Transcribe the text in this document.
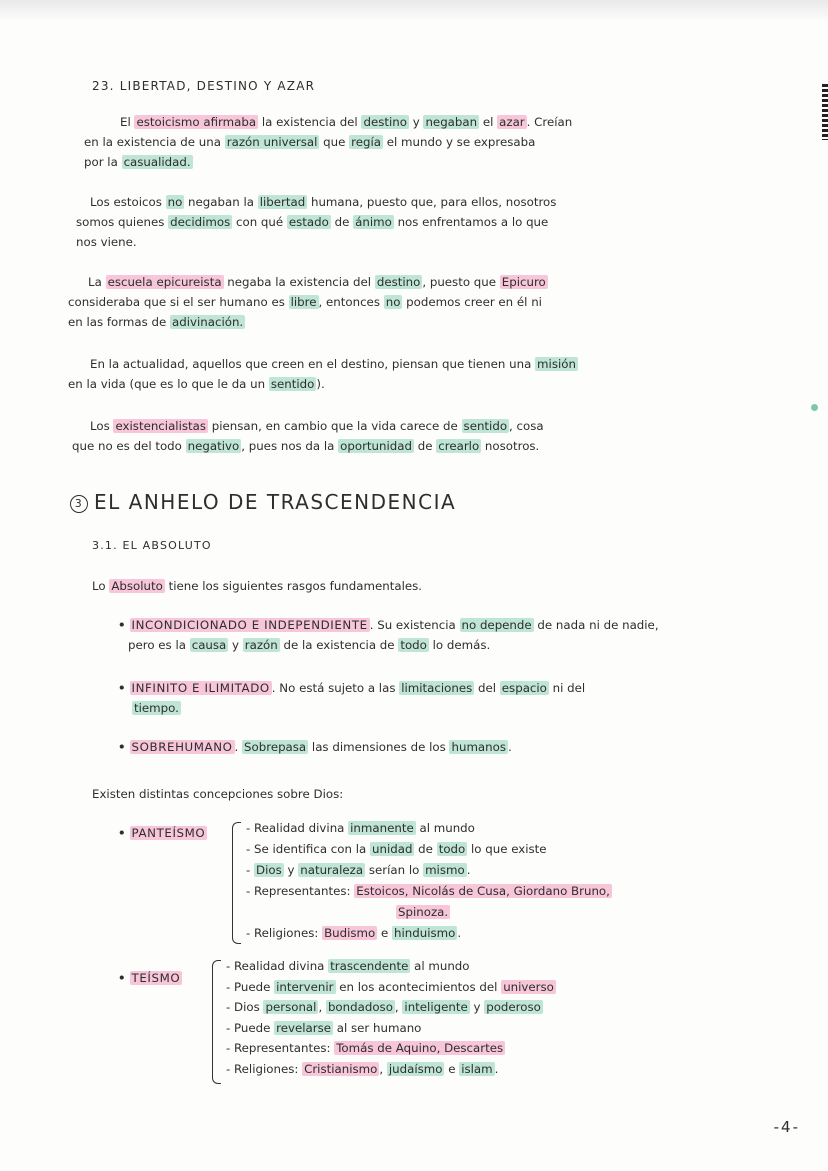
23. LIBERTAD, DESTINO Y AZAR
El estoicismo afirmaba la existencia del destino y negaban el azar . Creían
en la existencia de una razón universal que regía el mundo y se expresaba
por la casualidad.
Los estoicos no negaban la libertad humana, puesto que, para ellos, nosotros
somos quienes decidimos con qué estado de ánimo nos enfrentamos a lo que
nos viene.
La escuela epicureista negaba la existencia del destino , puesto que Epicuro
consideraba que si el ser humano es libre , entonces no podemos creer en él ni
en las formas de adivinación.
En la actualidad, aquellos que creen en el destino, piensan que tienen una misión
en la vida (que es lo que le da un sentido ).
Los existencialistas piensan, en cambio que la vida carece de sentido , cosa
que no es del todo negativo , pues nos da la oportunidad de crearlo nosotros.
3 EL ANHELO DE TRASCENDENCIA
3.1. EL ABSOLUTO
Lo Absoluto tiene los siguientes rasgos fundamentales.
• INCONDICIONADO E INDEPENDIENTE . Su existencia no depende de nada ni de nadie,
pero es la causa y razón de la existencia de todo lo demás.
• INFINITO E ILIMITADO . No está sujeto a las limitaciones del espacio ni del
tiempo.
• SOBREHUMANO . Sobrepasa las dimensiones de los humanos .
Existen distintas concepciones sobre Dios:
• PANTEÍSMO	- Realidad divina inmanente al mundo
- Se identifica con la unidad de todo lo que existe
- Dios y naturaleza serían lo mismo .
- Representantes: Estoicos, Nicolás de Cusa, Giordano Bruno,
Spinoza.
- Religiones: Budismo e hinduismo .
• TEÍSMO
- Realidad divina trascendente al mundo
- Puede intervenir en los acontecimientos del universo
- Dios personal , bondadoso , inteligente y poderoso
- Puede revelarse al ser humano
- Representantes: Tomás de Aquino, Descartes
- Religiones: Cristianismo , judaísmo e islam .
-4-
